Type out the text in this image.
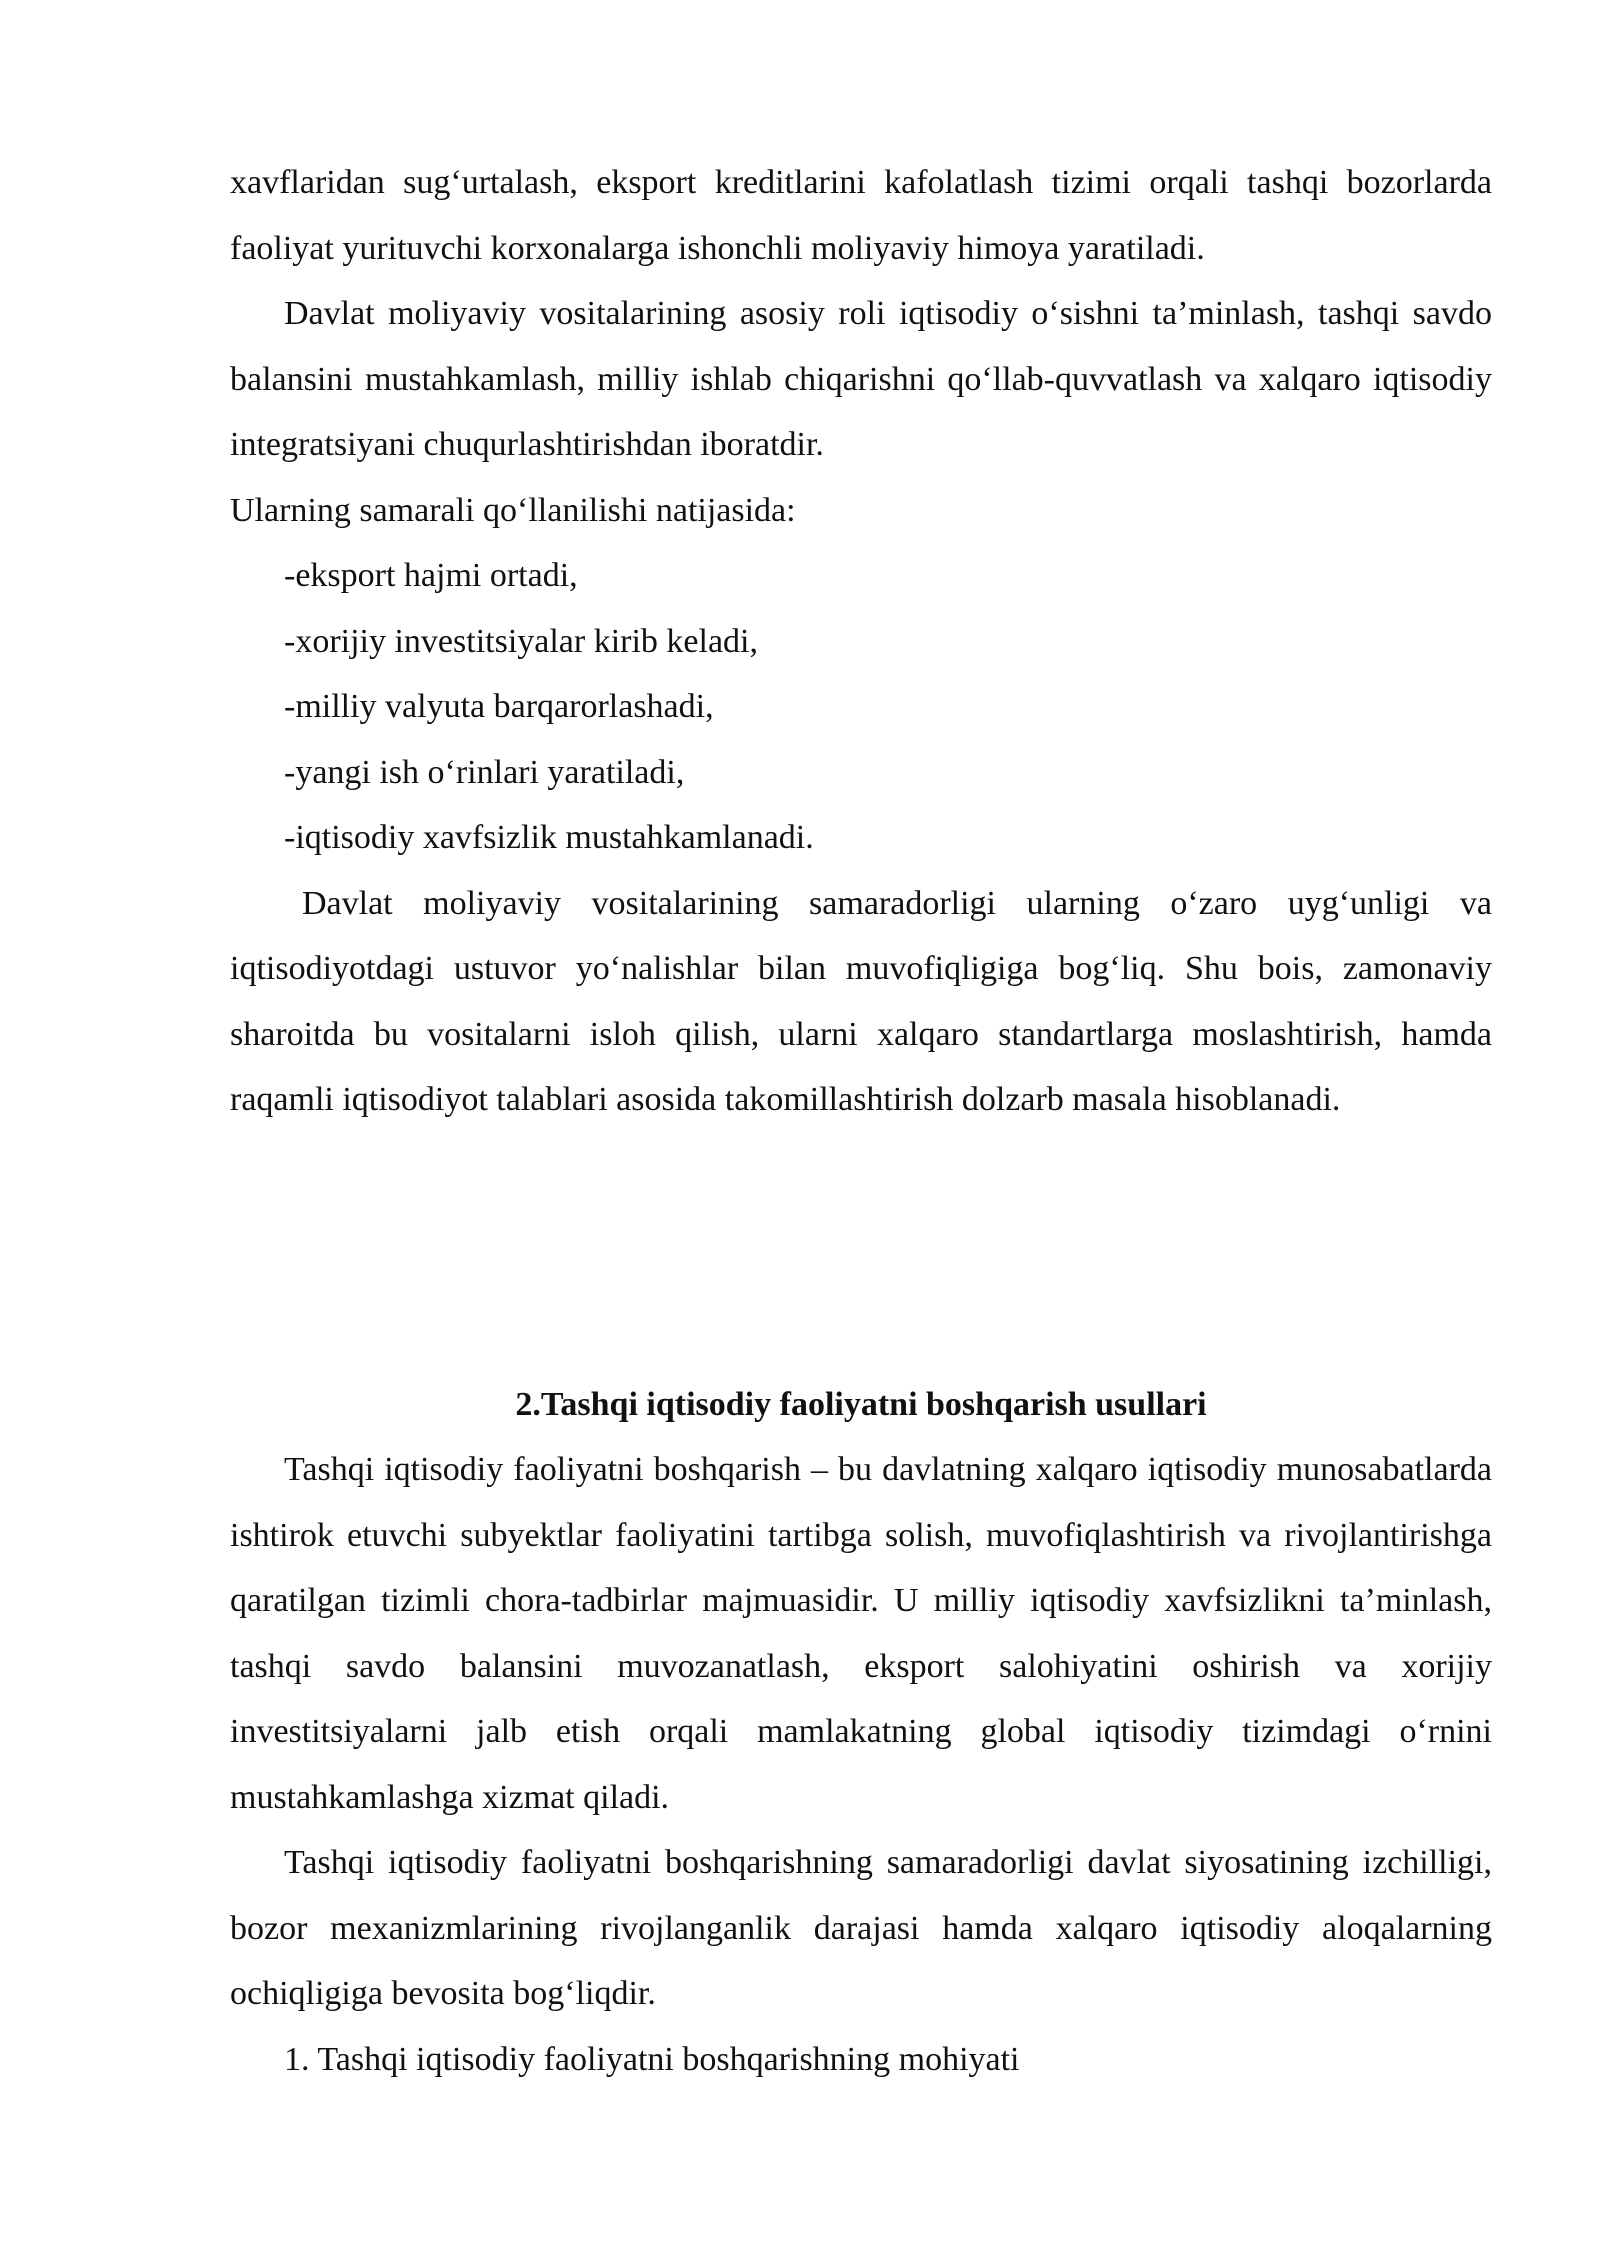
xavflaridan sug‘urtalash, eksport kreditlarini kafolatlash tizimi orqali tashqi bozorlarda faoliyat yurituvchi korxonalarga ishonchli moliyaviy himoya yaratiladi.

Davlat moliyaviy vositalarining asosiy roli iqtisodiy o‘sishni ta’minlash, tashqi savdo balansini mustahkamlash, milliy ishlab chiqarishni qo‘llab-quvvatlash va xalqaro iqtisodiy integratsiyani chuqurlashtirishdan iboratdir.

Ularning samarali qo‘llanilishi natijasida:

-eksport hajmi ortadi,

-xorijiy investitsiyalar kirib keladi,

-milliy valyuta barqarorlashadi,

-yangi ish o‘rinlari yaratiladi,

-iqtisodiy xavfsizlik mustahkamlanadi.

Davlat moliyaviy vositalarining samaradorligi ularning o‘zaro uyg‘unligi va iqtisodiyotdagi ustuvor yo‘nalishlar bilan muvofiqligiga bog‘liq. Shu bois, zamonaviy sharoitda bu vositalarni isloh qilish, ularni xalqaro standartlarga moslashtirish, hamda raqamli iqtisodiyot talablari asosida takomillashtirish dolzarb masala hisoblanadi.

2.Tashqi iqtisodiy faoliyatni boshqarish usullari

Tashqi iqtisodiy faoliyatni boshqarish – bu davlatning xalqaro iqtisodiy munosabatlarda ishtirok etuvchi subyektlar faoliyatini tartibga solish, muvofiqlashtirish va rivojlantirishga qaratilgan tizimli chora-tadbirlar majmuasidir. U milliy iqtisodiy xavfsizlikni ta’minlash, tashqi savdo balansini muvozanatlash, eksport salohiyatini oshirish va xorijiy investitsiyalarni jalb etish orqali mamlakatning global iqtisodiy tizimdagi o‘rnini mustahkamlashga xizmat qiladi.

Tashqi iqtisodiy faoliyatni boshqarishning samaradorligi davlat siyosatining izchilligi, bozor mexanizmlarining rivojlanganlik darajasi hamda xalqaro iqtisodiy aloqalarning ochiqligiga bevosita bog‘liqdir.

1. Tashqi iqtisodiy faoliyatni boshqarishning mohiyati
